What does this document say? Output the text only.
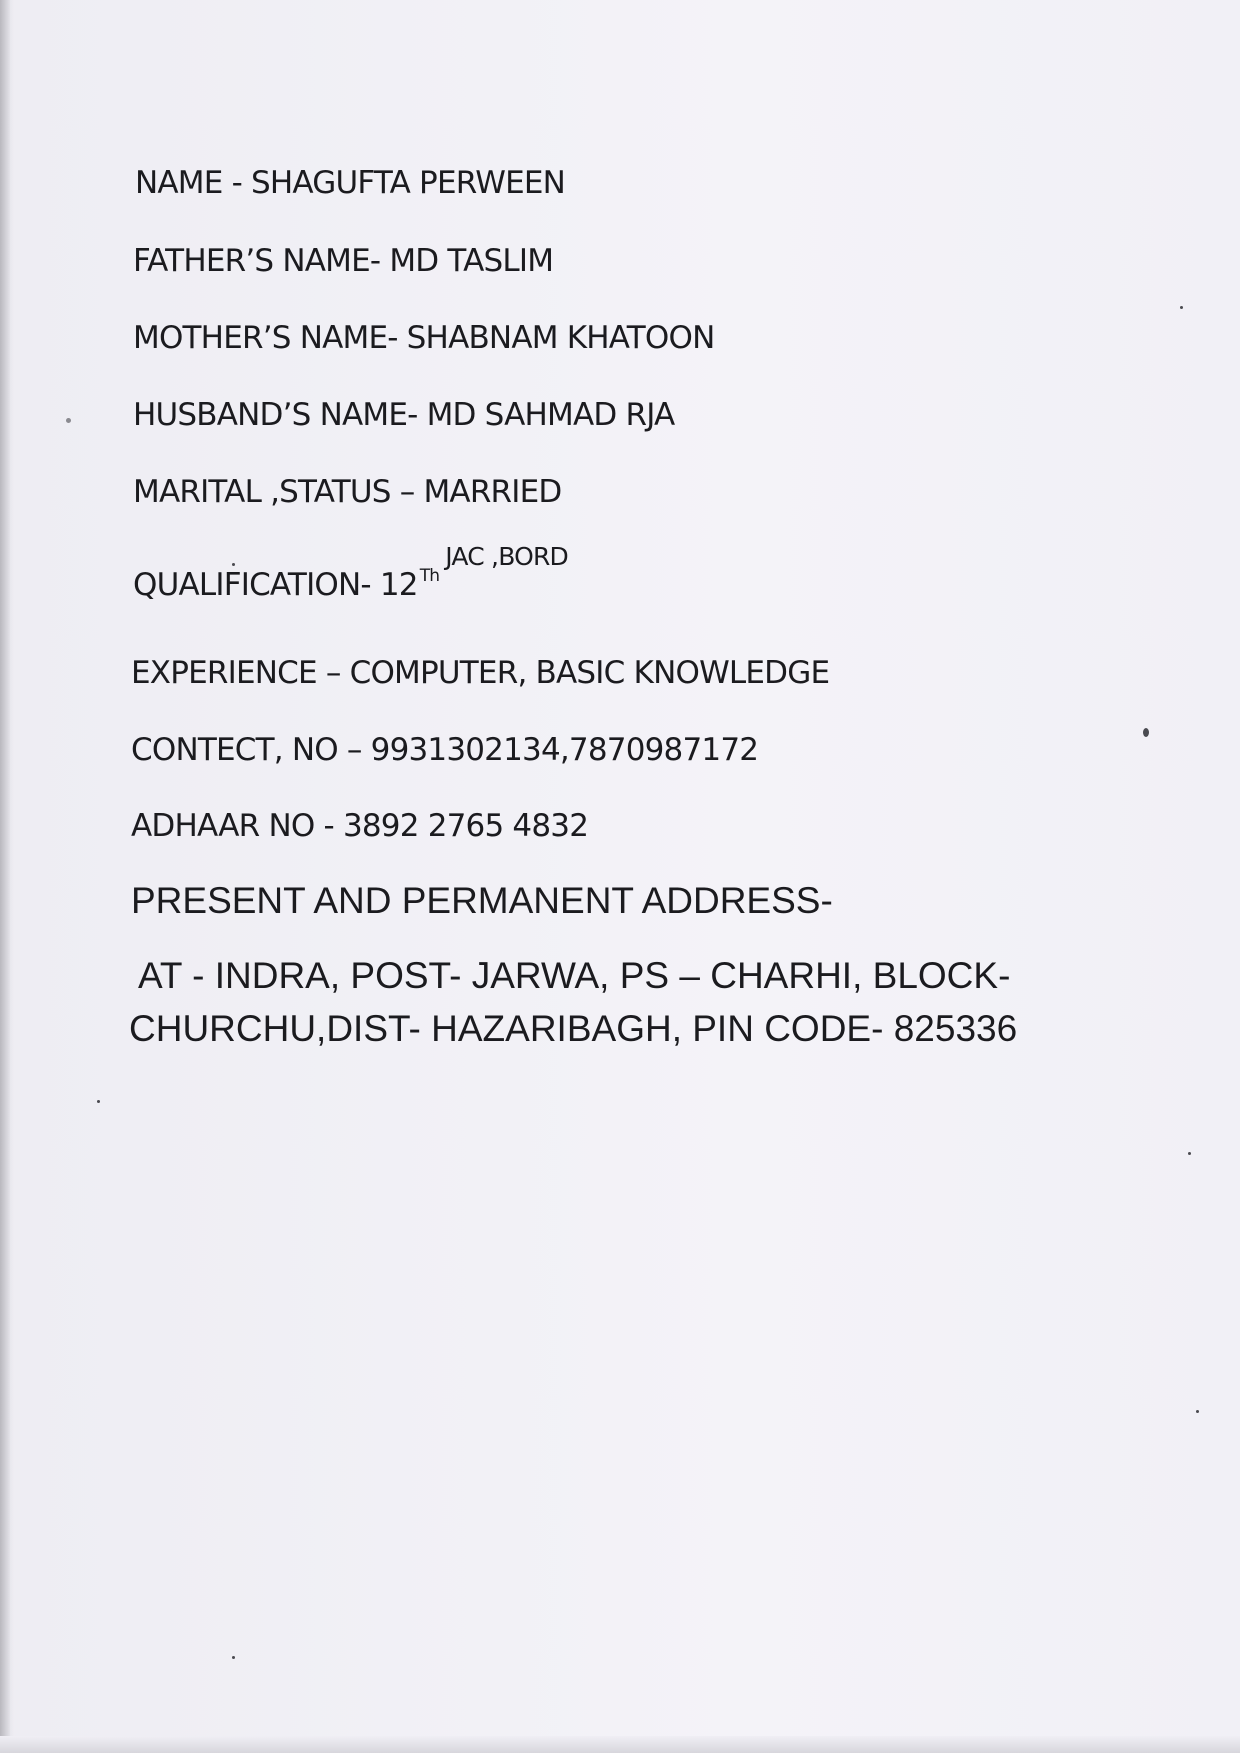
NAME - SHAGUFTA PERWEEN

FATHER’S NAME- MD TASLIM

MOTHER’S NAME- SHABNAM KHATOON

HUSBAND’S NAME- MD SAHMAD RJA

MARITAL ,STATUS – MARRIED

QUALIFICATION- 12 $^{ThJAC ,BORD}$

EXPERIENCE – COMPUTER, BASIC KNOWLEDGE

CONTECT, NO – 9931302134,7870987172

ADHAAR NO - 3892 2765 4832

PRESENT AND PERMANENT ADDRESS-

AT - INDRA, POST- JARWA, PS – CHARHI, BLOCK-

CHURCHU,DIST- HAZARIBAGH, PIN CODE- 825336
